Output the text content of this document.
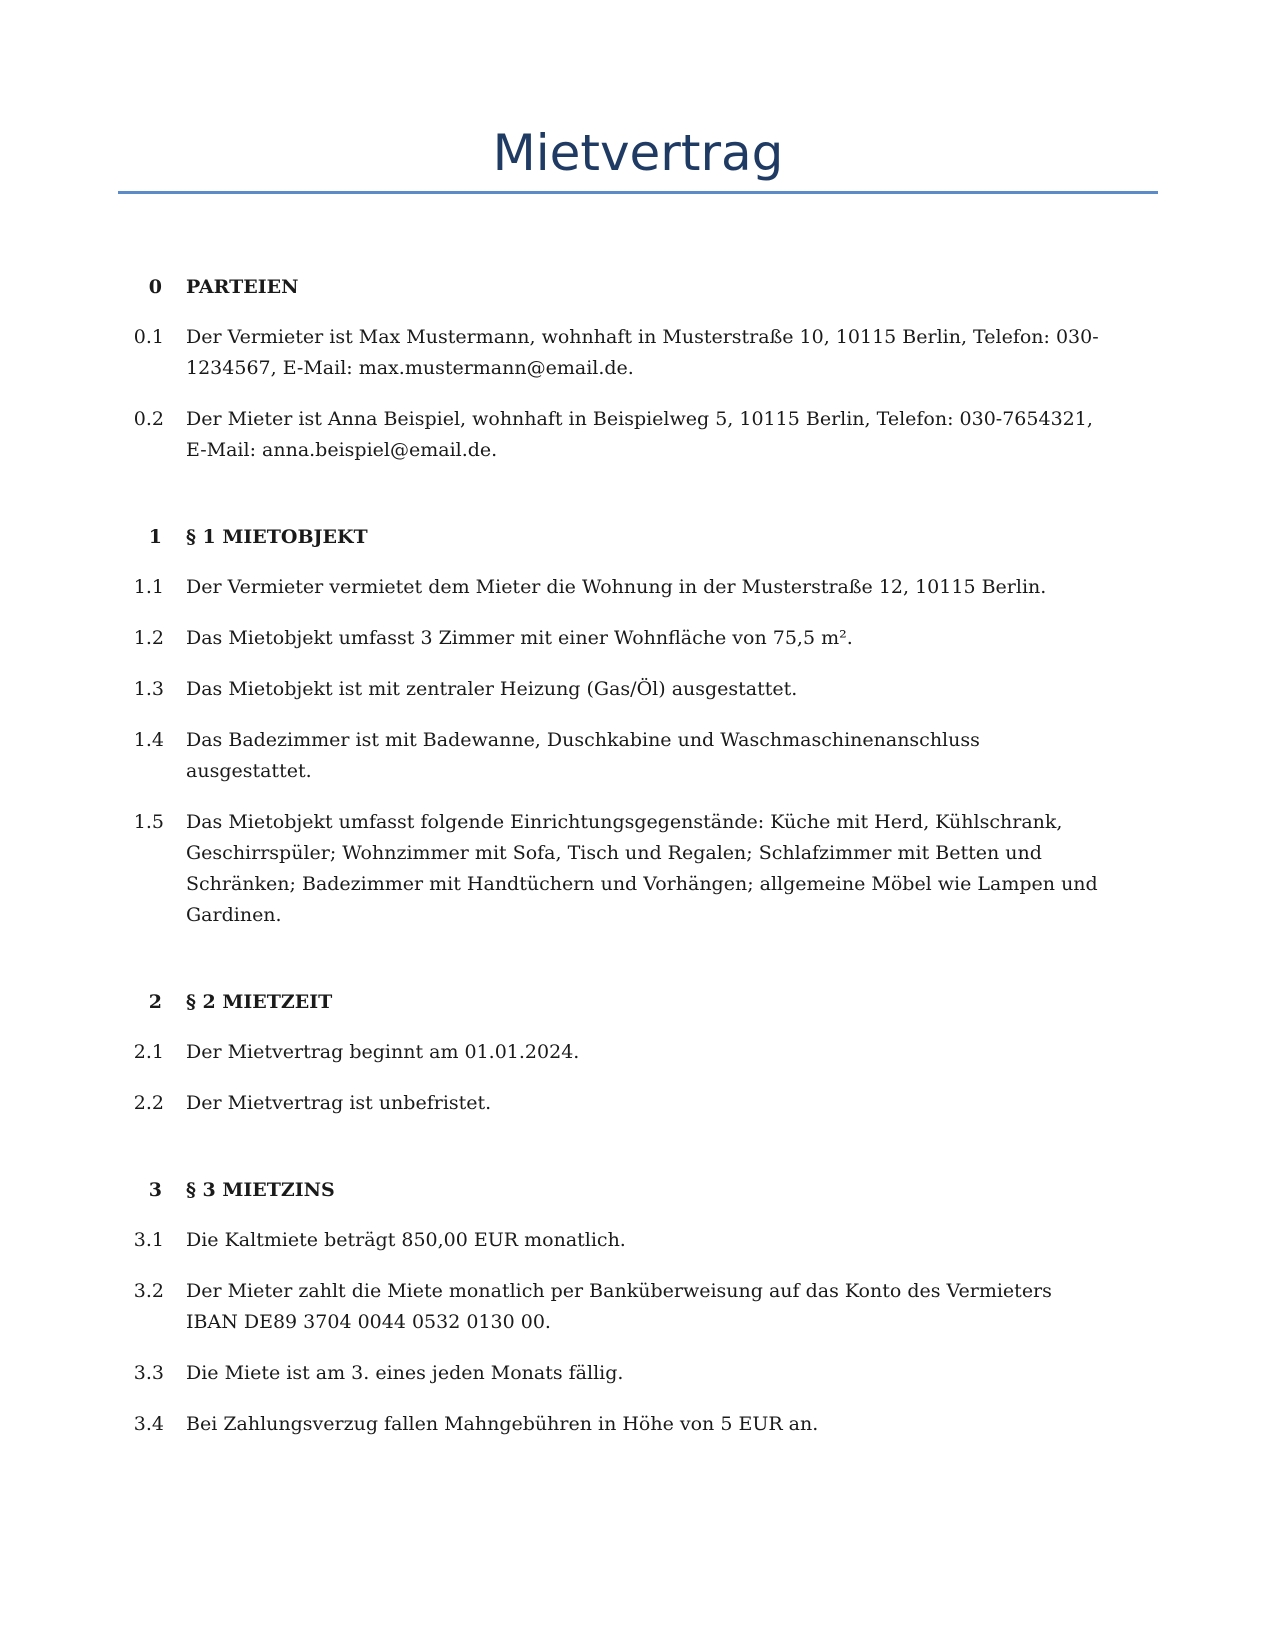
Mietvertrag
0	PARTEIEN
0.1	Der Vermieter ist Max Mustermann, wohnhaft in Musterstraße 10, 10115 Berlin, Telefon: 030-1234567, E-Mail: max.mustermann@email.de.
0.2	Der Mieter ist Anna Beispiel, wohnhaft in Beispielweg 5, 10115 Berlin, Telefon: 030-7654321, E-Mail: anna.beispiel@email.de.
1	§ 1 MIETOBJEKT
1.1	Der Vermieter vermietet dem Mieter die Wohnung in der Musterstraße 12, 10115 Berlin.
1.2	Das Mietobjekt umfasst 3 Zimmer mit einer Wohnfläche von 75,5 m².
1.3	Das Mietobjekt ist mit zentraler Heizung (Gas/Öl) ausgestattet.
1.4	Das Badezimmer ist mit Badewanne, Duschkabine und Waschmaschinenanschluss ausgestattet.
1.5	Das Mietobjekt umfasst folgende Einrichtungsgegenstände: Küche mit Herd, Kühlschrank, Geschirrspüler; Wohnzimmer mit Sofa, Tisch und Regalen; Schlafzimmer mit Betten und Schränken; Badezimmer mit Handtüchern und Vorhängen; allgemeine Möbel wie Lampen und Gardinen.
2	§ 2 MIETZEIT
2.1	Der Mietvertrag beginnt am 01.01.2024.
2.2	Der Mietvertrag ist unbefristet.
3	§ 3 MIETZINS
3.1	Die Kaltmiete beträgt 850,00 EUR monatlich.
3.2	Der Mieter zahlt die Miete monatlich per Banküberweisung auf das Konto des Vermieters IBAN DE89 3704 0044 0532 0130 00.
3.3	Die Miete ist am 3. eines jeden Monats fällig.
3.4	Bei Zahlungsverzug fallen Mahngebühren in Höhe von 5 EUR an.
